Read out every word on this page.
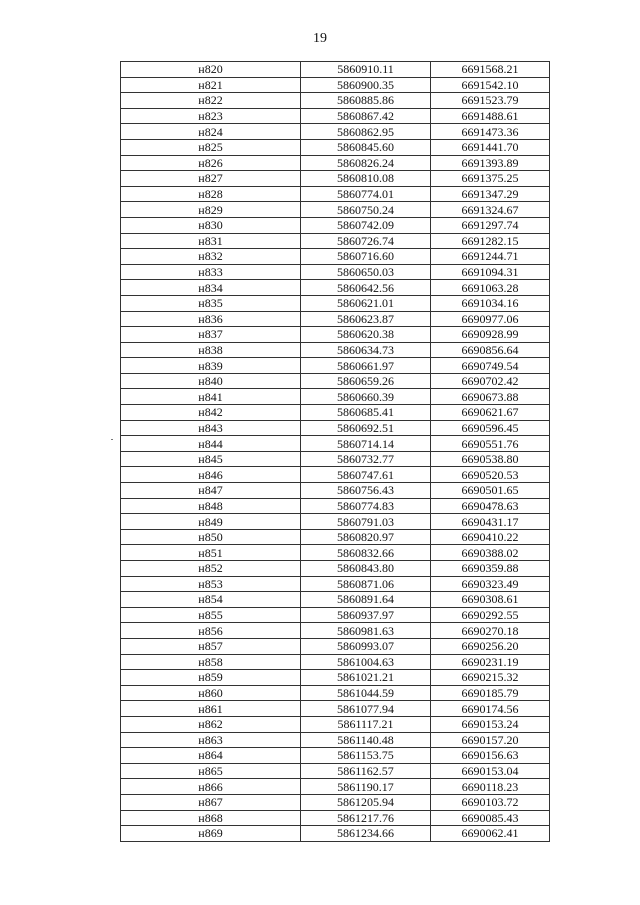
19
н820	5860910.11	6691568.21
н821	5860900.35	6691542.10
н822	5860885.86	6691523.79
н823	5860867.42	6691488.61
н824	5860862.95	6691473.36
н825	5860845.60	6691441.70
н826	5860826.24	6691393.89
н827	5860810.08	6691375.25
н828	5860774.01	6691347.29
н829	5860750.24	6691324.67
н830	5860742.09	6691297.74
н831	5860726.74	6691282.15
н832	5860716.60	6691244.71
н833	5860650.03	6691094.31
н834	5860642.56	6691063.28
н835	5860621.01	6691034.16
н836	5860623.87	6690977.06
н837	5860620.38	6690928.99
н838	5860634.73	6690856.64
н839	5860661.97	6690749.54
н840	5860659.26	6690702.42
н841	5860660.39	6690673.88
н842	5860685.41	6690621.67
н843	5860692.51	6690596.45
н844	5860714.14	6690551.76
н845	5860732.77	6690538.80
н846	5860747.61	6690520.53
н847	5860756.43	6690501.65
н848	5860774.83	6690478.63
н849	5860791.03	6690431.17
н850	5860820.97	6690410.22
н851	5860832.66	6690388.02
н852	5860843.80	6690359.88
н853	5860871.06	6690323.49
н854	5860891.64	6690308.61
н855	5860937.97	6690292.55
н856	5860981.63	6690270.18
н857	5860993.07	6690256.20
н858	5861004.63	6690231.19
н859	5861021.21	6690215.32
н860	5861044.59	6690185.79
н861	5861077.94	6690174.56
н862	5861117.21	6690153.24
н863	5861140.48	6690157.20
н864	5861153.75	6690156.63
н865	5861162.57	6690153.04
н866	5861190.17	6690118.23
н867	5861205.94	6690103.72
н868	5861217.76	6690085.43
н869	5861234.66	6690062.41
